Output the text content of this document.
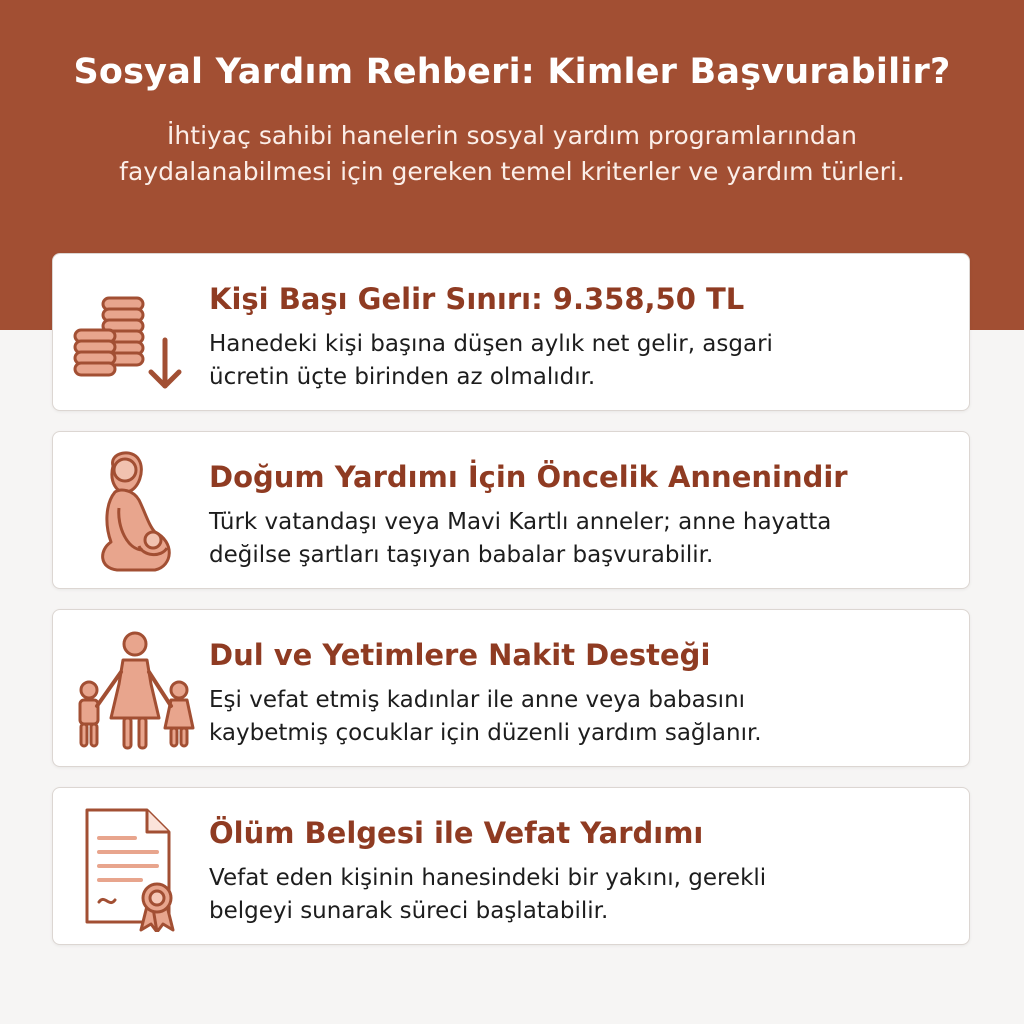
Sosyal Yardım Rehberi: Kimler Başvurabilir?
İhtiyaç sahibi hanelerin sosyal yardım programlarından
faydalanabilmesi için gereken temel kriterler ve yardım türleri.
Kişi Başı Gelir Sınırı: 9.358,50 TL
Hanedeki kişi başına düşen aylık net gelir, asgari
ücretin üçte birinden az olmalıdır.
Doğum Yardımı İçin Öncelik Annenindir
Türk vatandaşı veya Mavi Kartlı anneler; anne hayatta
değilse şartları taşıyan babalar başvurabilir.
Dul ve Yetimlere Nakit Desteği
Eşi vefat etmiş kadınlar ile anne veya babasını
kaybetmiş çocuklar için düzenli yardım sağlanır.
Ölüm Belgesi ile Vefat Yardımı
Vefat eden kişinin hanesindeki bir yakını, gerekli
belgeyi sunarak süreci başlatabilir.
